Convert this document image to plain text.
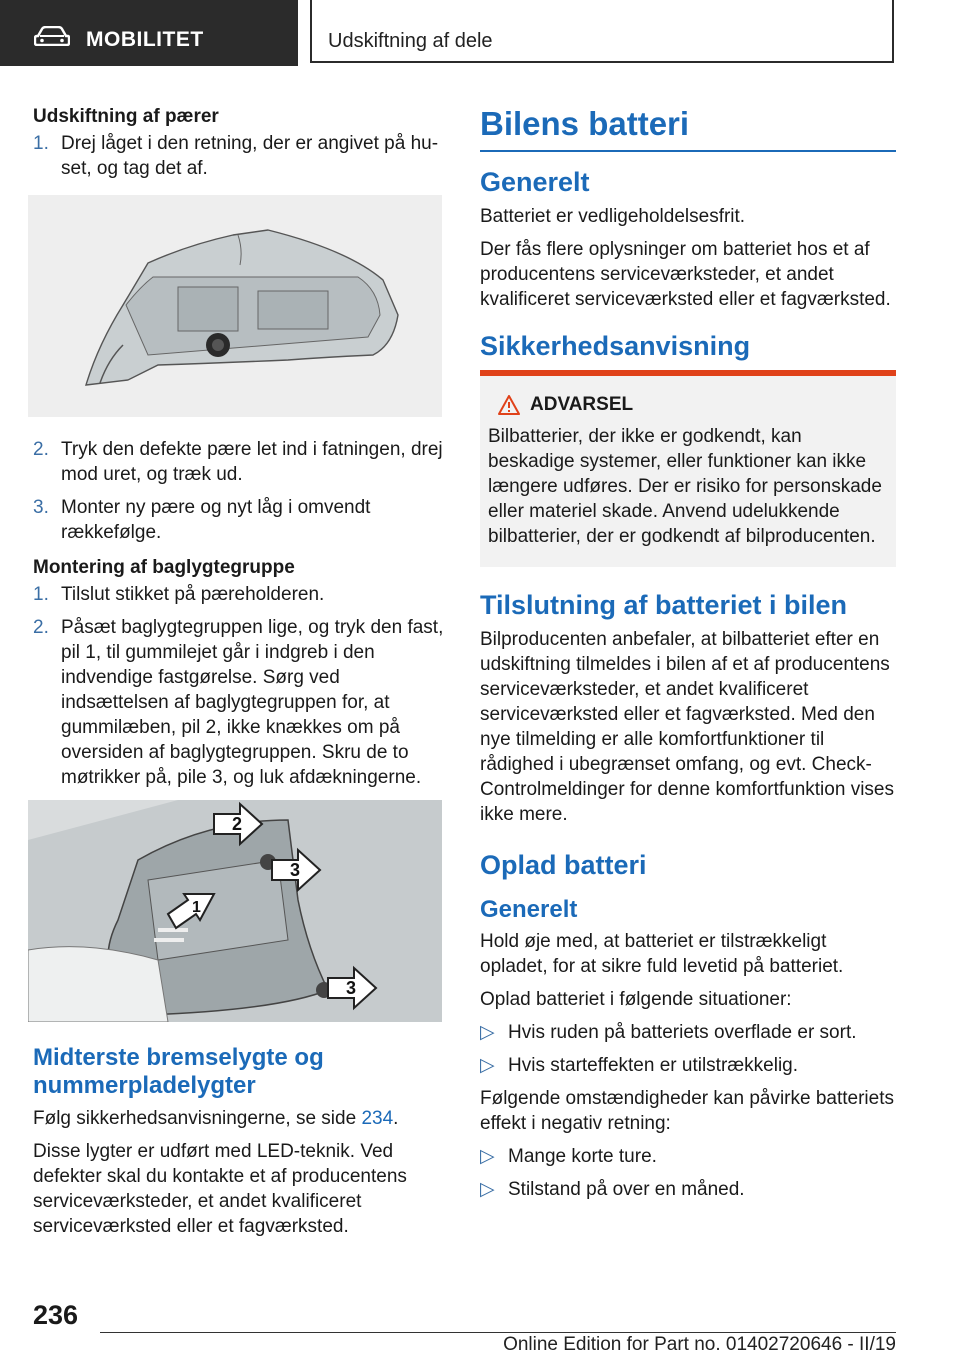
MOBILITET	Udskiftning af dele
Udskiftning af pærer
1. Drej låget i den retning, der er angivet på hu-set, og tag det af.
2. Tryk den defekte pære let ind i fatningen, drej mod uret, og træk ud.
3. Monter ny pære og nyt låg i omvendt rækkefølge.
Montering af baglygtegruppe
1. Tilslut stikket på pæreholderen.
2. Påsæt baglygtegruppen lige, og tryk den fast, pil 1, til gummilejet går i indgreb i den indvendige fastgørelse. Sørg ved indsættelsen af baglygtegruppen for, at gummilæben, pil 2, ikke knækkes om på oversiden af baglygtegruppen. Skru de to møtrikker på, pile 3, og luk afdækningerne.
2
3
1
3
Midterste bremselygte og nummerpladelygter

Følg sikkerhedsanvisningerne, se side 234.

Disse lygter er udført med LED-teknik. Ved defekter skal du kontakte et af producentens serviceværksteder, et andet kvalificeret serviceværksted eller et fagværksted.

Bilens batteri
Generelt

Batteriet er vedligeholdelsesfrit.

Der fås flere oplysninger om batteriet hos et af producentens serviceværksteder, et andet kvalificeret serviceværksted eller et fagværksted.

Sikkerhedsanvisning
ADVARSEL

Bilbatterier, der ikke er godkendt, kan beskadige systemer, eller funktioner kan ikke længere udføres. Der er risiko for personskade eller materiel skade. Anvend udelukkende bilbatterier, der er godkendt af bilproducenten.

Tilslutning af batteriet i bilen

Bilproducenten anbefaler, at bilbatteriet efter en udskiftning tilmeldes i bilen af et af producentens serviceværksteder, et andet kvalificeret serviceværksted eller et fagværksted. Med den nye tilmelding er alle komfortfunktioner til rådighed i ubegrænset omfang, og evt. Check-Controlmeldinger for denne komfortfunktion vises ikke mere.

Oplad batteri
Generelt

Hold øje med, at batteriet er tilstrækkeligt opladet, for at sikre fuld levetid på batteriet.

Oplad batteriet i følgende situationer:

▷ Hvis ruden på batteriets overflade er sort.
▷ Hvis starteffekten er utilstrækkelig.

Følgende omstændigheder kan påvirke batteriets effekt i negativ retning:

▷ Mange korte ture.
▷ Stilstand på over en måned.
236
Online Edition for Part no. 01402720646 - II/19
